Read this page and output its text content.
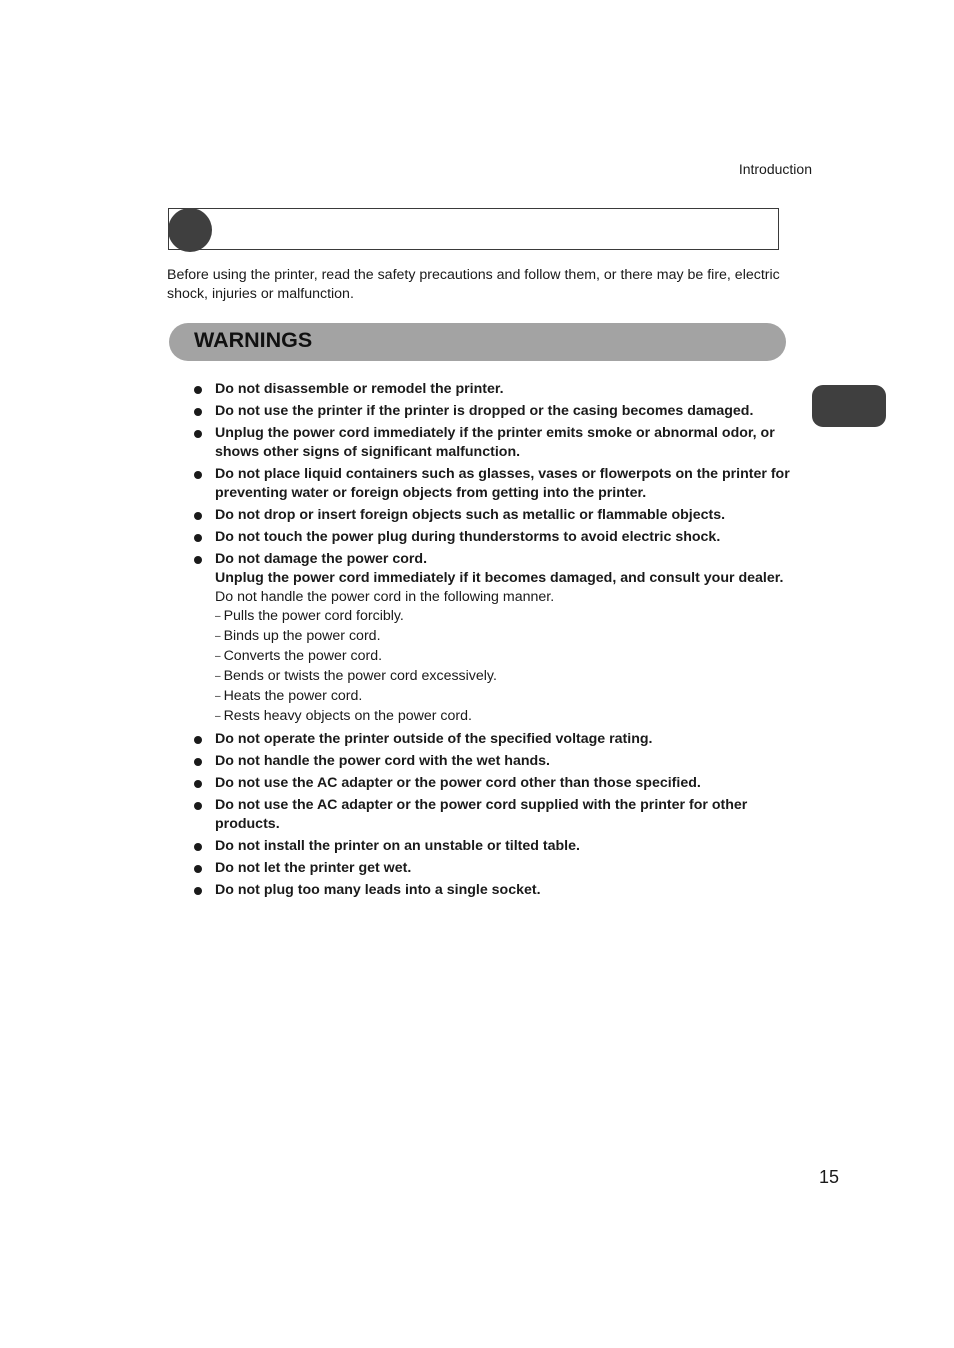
Introduction
Before using the printer, read the safety precautions and follow them, or there may be fire, electric shock, injuries or malfunction.
WARNINGS
Do not disassemble or remodel the printer.
Do not use the printer if the printer is dropped or the casing becomes damaged.
Unplug the power cord immediately if the printer emits smoke or abnormal odor, or shows other signs of significant malfunction.
Do not place liquid containers such as glasses, vases or flowerpots on the printer for preventing water or foreign objects from getting into the printer.
Do not drop or insert foreign objects such as metallic or flammable objects.
Do not touch the power plug during thunderstorms to avoid electric shock.
Do not damage the power cord.
Unplug the power cord immediately if it becomes damaged, and consult your dealer.
Do not handle the power cord in the following manner.
– Pulls the power cord forcibly.
– Binds up the power cord.
– Converts the power cord.
– Bends or twists the power cord excessively.
– Heats the power cord.
– Rests heavy objects on the power cord.
Do not operate the printer outside of the specified voltage rating.
Do not handle the power cord with the wet hands.
Do not use the AC adapter or the power cord other than those specified.
Do not use the AC adapter or the power cord supplied with the printer for other products.
Do not install the printer on an unstable or tilted table.
Do not let the printer get wet.
Do not plug too many leads into a single socket.
15
